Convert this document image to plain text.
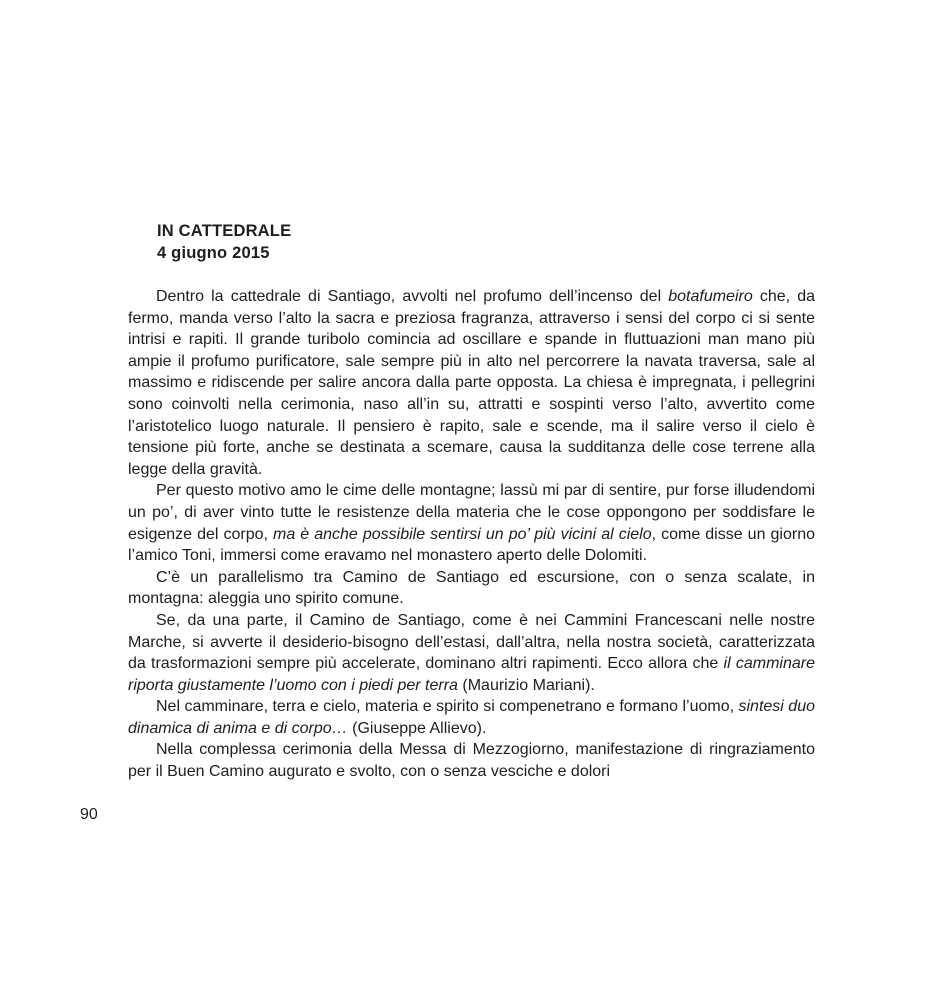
IN CATTEDRALE
4 giugno 2015

Dentro la cattedrale di Santiago, avvolti nel profumo dell’incenso del botafumeiro che, da fermo, manda verso l’alto la sacra e preziosa fragranza, attraverso i sensi del corpo ci si sente intrisi e rapiti. Il grande turibolo comincia ad oscillare e spande in fluttuazioni man mano più ampie il profumo purificatore, sale sempre più in alto nel percorrere la navata traversa, sale al massimo e ridiscende per salire ancora dalla parte opposta. La chiesa è impregnata, i pellegrini sono coinvolti nella cerimonia, naso all’in su, attratti e sospinti verso l’alto, avvertito come l’aristotelico luogo naturale. Il pensiero è rapito, sale e scende, ma il salire verso il cielo è tensione più forte, anche se destinata a scemare, causa la sudditanza delle cose terrene alla legge della gravità.

Per questo motivo amo le cime delle montagne; lassù mi par di sentire, pur forse illudendomi un po’, di aver vinto tutte le resistenze della materia che le cose oppongono per soddisfare le esigenze del corpo, ma è anche possibile sentirsi un po’ più vicini al cielo, come disse un giorno l’amico Toni, immersi come eravamo nel monastero aperto delle Dolomiti.

C’è un parallelismo tra Camino de Santiago ed escursione, con o senza scalate, in montagna: aleggia uno spirito comune.

Se, da una parte, il Camino de Santiago, come è nei Cammini Francescani nelle nostre Marche, si avverte il desiderio-bisogno dell’estasi, dall’altra, nella nostra società, caratterizzata da trasformazioni sempre più accelerate, dominano altri rapimenti. Ecco allora che il camminare riporta giustamente l’uomo con i piedi per terra (Maurizio Mariani).

Nel camminare, terra e cielo, materia e spirito si compenetrano e formano l’uomo, sintesi duo dinamica di anima e di corpo… (Giuseppe Allievo).

Nella complessa cerimonia della Messa di Mezzogiorno, manifestazione di ringraziamento per il Buen Camino augurato e svolto, con o senza vesciche e dolori

90
